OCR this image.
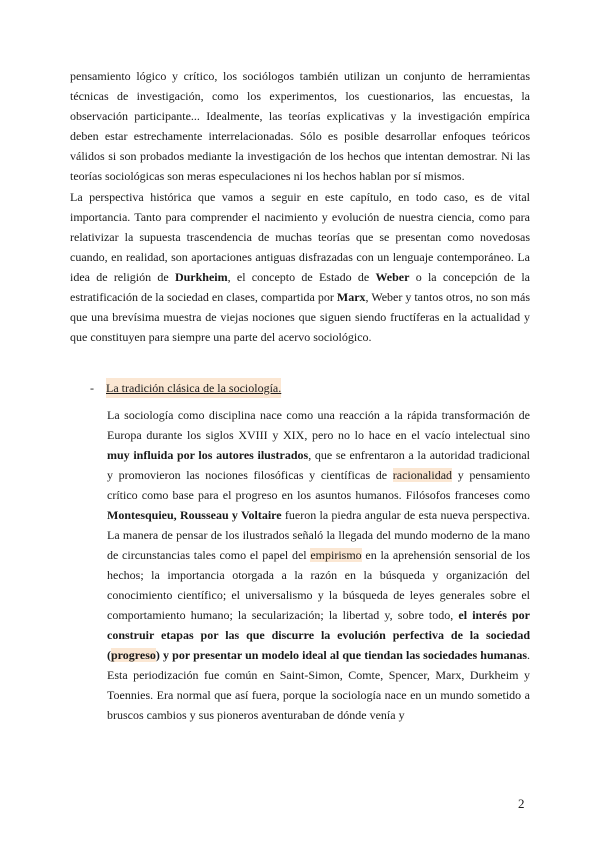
pensamiento lógico y crítico, los sociólogos también utilizan un conjunto de herramientas técnicas de investigación, como los experimentos, los cuestionarios, las encuestas, la observación participante... Idealmente, las teorías explicativas y la investigación empírica deben estar estrechamente interrelacionadas. Sólo es posible desarrollar enfoques teóricos válidos si son probados mediante la investigación de los hechos que intentan demostrar. Ni las teorías sociológicas son meras especulaciones ni los hechos hablan por sí mismos.

La perspectiva histórica que vamos a seguir en este capítulo, en todo caso, es de vital importancia. Tanto para comprender el nacimiento y evolución de nuestra ciencia, como para relativizar la supuesta trascendencia de muchas teorías que se presentan como novedosas cuando, en realidad, son aportaciones antiguas disfrazadas con un lenguaje contemporáneo. La idea de religión de Durkheim, el concepto de Estado de Weber o la concepción de la estratificación de la sociedad en clases, compartida por Marx, Weber y tantos otros, no son más que una brevísima muestra de viejas nociones que siguen siendo fructíferas en la actualidad y que constituyen para siempre una parte del acervo sociológico.

- La tradición clásica de la sociología.

La sociología como disciplina nace como una reacción a la rápida transformación de Europa durante los siglos XVIII y XIX, pero no lo hace en el vacío intelectual sino muy influida por los autores ilustrados, que se enfrentaron a la autoridad tradicional y promovieron las nociones filosóficas y científicas de racionalidad y pensamiento crítico como base para el progreso en los asuntos humanos. Filósofos franceses como Montesquieu, Rousseau y Voltaire fueron la piedra angular de esta nueva perspectiva. La manera de pensar de los ilustrados señaló la llegada del mundo moderno de la mano de circunstancias tales como el papel del empirismo en la aprehensión sensorial de los hechos; la importancia otorgada a la razón en la búsqueda y organización del conocimiento científico; el universalismo y la búsqueda de leyes generales sobre el comportamiento humano; la secularización; la libertad y, sobre todo, el interés por construir etapas por las que discurre la evolución perfectiva de la sociedad (progreso) y por presentar un modelo ideal al que tiendan las sociedades humanas. Esta periodización fue común en Saint-Simon, Comte, Spencer, Marx, Durkheim y Toennies. Era normal que así fuera, porque la sociología nace en un mundo sometido a bruscos cambios y sus pioneros aventuraban de dónde venía y

2
